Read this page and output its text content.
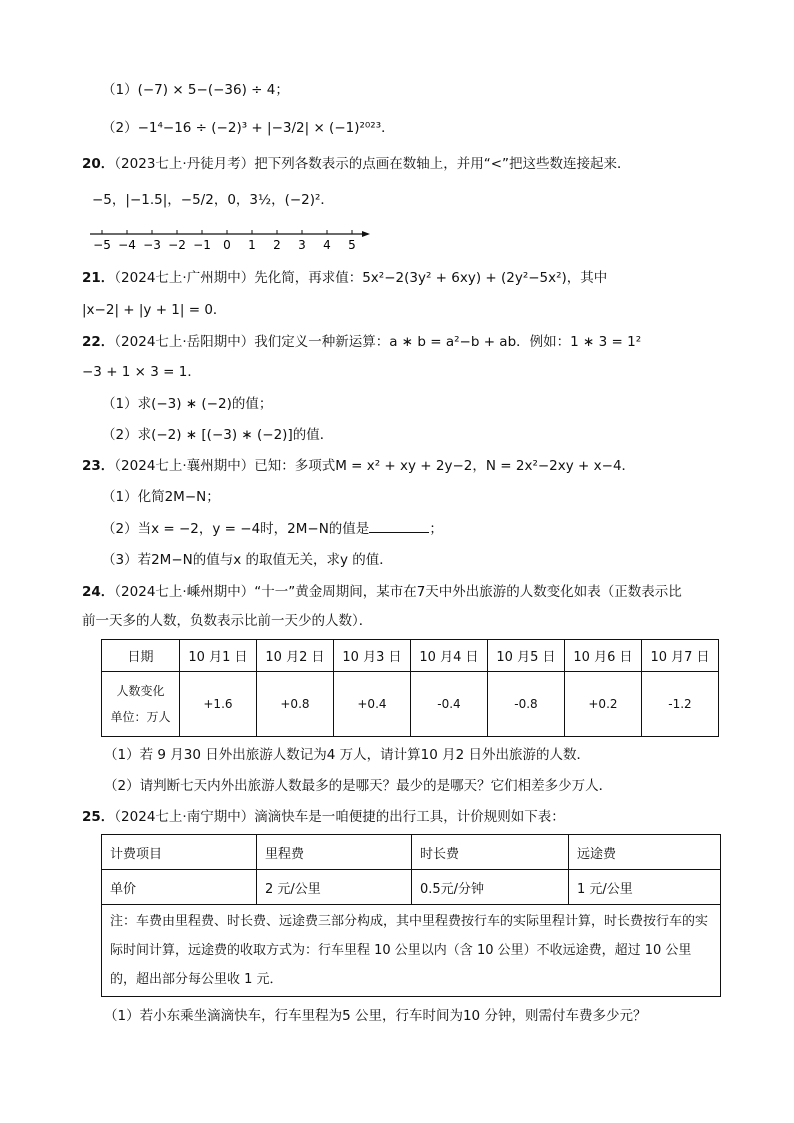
（1）(−7) × 5−(−36) ÷ 4；
（2）−1⁴−16 ÷ (−2)³ + |−3/2| × (−1)²⁰²³．
20．（2023七上·丹徒月考）把下列各数表示的点画在数轴上，并用“<”把这些数连接起来．
−5，|−1.5|，−5/2，0，3½，(−2)²．
−5 −4 −3 −2 −1 0 1 2 3 4 5
21．（2024七上·广州期中）先化简，再求值：5x²−2(3y² + 6xy) + (2y²−5x²)，其中
|x−2| + |y + 1| = 0．
22．（2024七上·岳阳期中）我们定义一种新运算：a ∗ b = a²−b + ab．例如：1 ∗ 3 = 1²
−3 + 1 × 3 = 1．
（1）求(−3) ∗ (−2)的值；
（2）求(−2) ∗ [(−3) ∗ (−2)]的值．
23．（2024七上·襄州期中）已知：多项式M = x² + xy + 2y−2，N = 2x²−2xy + x−4．
（1）化简2M−N；
（2）当x = −2，y = −4时，2M−N的值是	；
（3）若2M−N的值与x 的取值无关，求y 的值．
24．（2024七上·嵊州期中）“十一”黄金周期间，某市在7天中外出旅游的人数变化如表（正数表示比
前一天多的人数，负数表示比前一天少的人数）．
日期	10 月1 日	10 月2 日	10 月3 日	10 月4 日	10 月5 日	10 月6 日	10 月7 日

人数变化
单位：万人	+1.6	+0.8	+0.4	-0.4	-0.8	+0.2	-1.2
（1）若 9 月30 日外出旅游人数记为4 万人，请计算10 月2 日外出旅游的人数．
（2）请判断七天内外出旅游人数最多的是哪天？最少的是哪天？它们相差多少万人．
25．（2024七上·南宁期中）滴滴快车是一咱便捷的出行工具，计价规则如下表：
计费项目	里程费	时长费	远途费
单价	2 元/公里	0.5元/分钟	1 元/公里
注：车费由里程费、时长费、远途费三部分构成，其中里程费按行车的实际里程计算，时长费按行车的实际时间计算，远途费的收取方式为：行车里程 10 公里以内（含 10 公里）不收远途费，超过 10 公里的，超出部分每公里收 1 元．			
（1）若小东乘坐滴滴快车，行车里程为5 公里，行车时间为10 分钟，则需付车费多少元？
